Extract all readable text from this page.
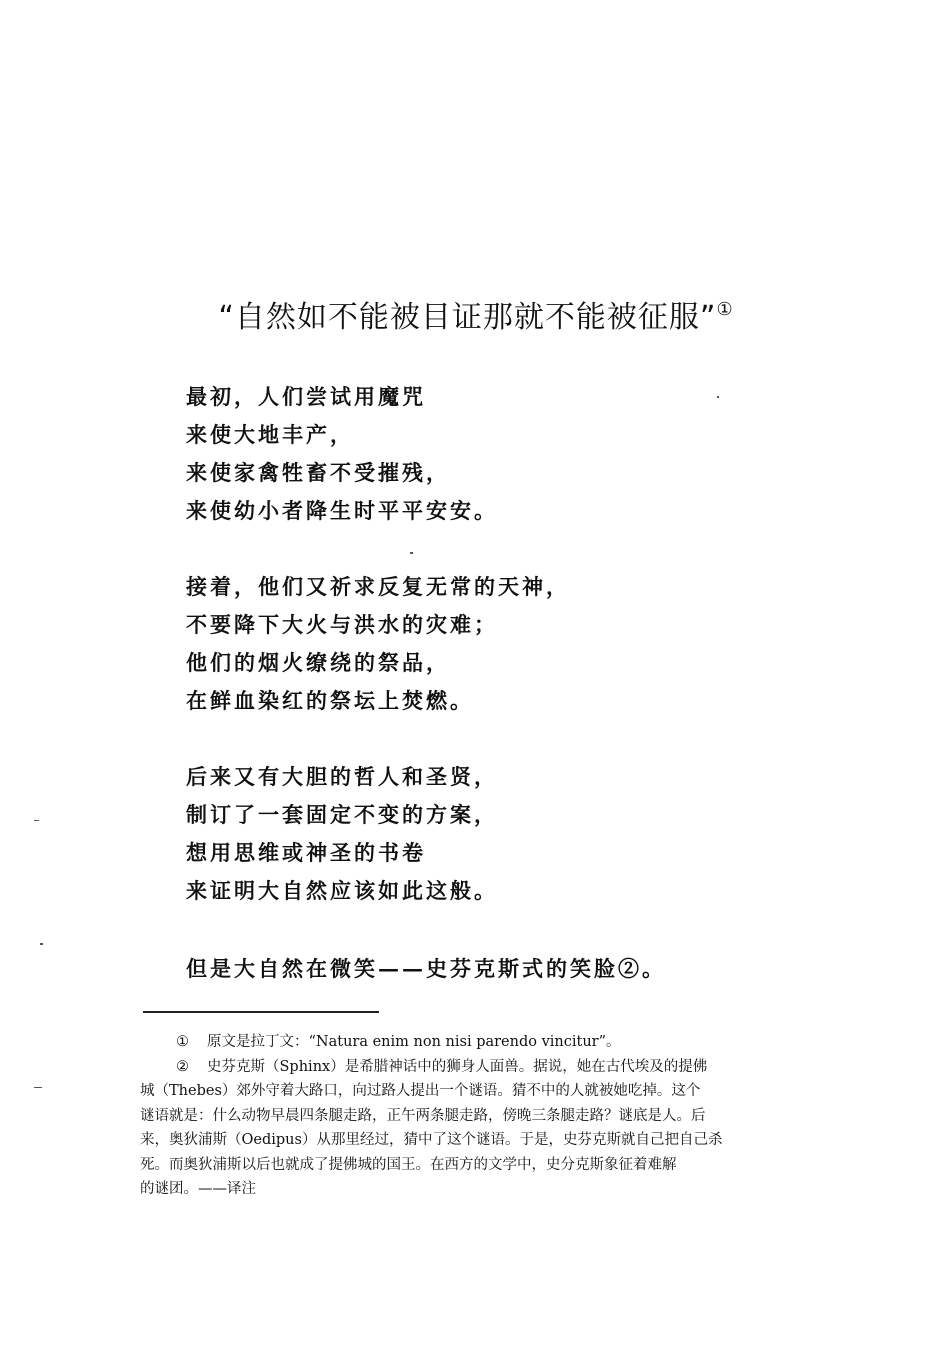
“自然如不能被目证那就不能被征服”①
最初，人们尝试用魔咒
来使大地丰产，
来使家禽牲畜不受摧残，
来使幼小者降生时平平安安。
接着，他们又祈求反复无常的天神，
不要降下大火与洪水的灾难；
他们的烟火缭绕的祭品，
在鲜血染红的祭坛上焚燃。
后来又有大胆的哲人和圣贤，
制订了一套固定不变的方案，
想用思维或神圣的书卷
来证明大自然应该如此这般。
但是大自然在微笑——史芬克斯式的笑脸②。
① 原文是拉丁文：“Natura enim non nisi parendo vincitur”。
② 史芬克斯（Sphinx）是希腊神话中的狮身人面兽。据说，她在古代埃及的提佛
城（Thebes）郊外守着大路口，向过路人提出一个谜语。猜不中的人就被她吃掉。这个
谜语就是：什么动物早晨四条腿走路，正午两条腿走路，傍晚三条腿走路？谜底是人。后
来，奥狄浦斯（Oedipus）从那里经过，猜中了这个谜语。于是，史芬克斯就自己把自己杀
死。而奥狄浦斯以后也就成了提佛城的国王。在西方的文学中，史分克斯象征着难解
的谜团。——译注
